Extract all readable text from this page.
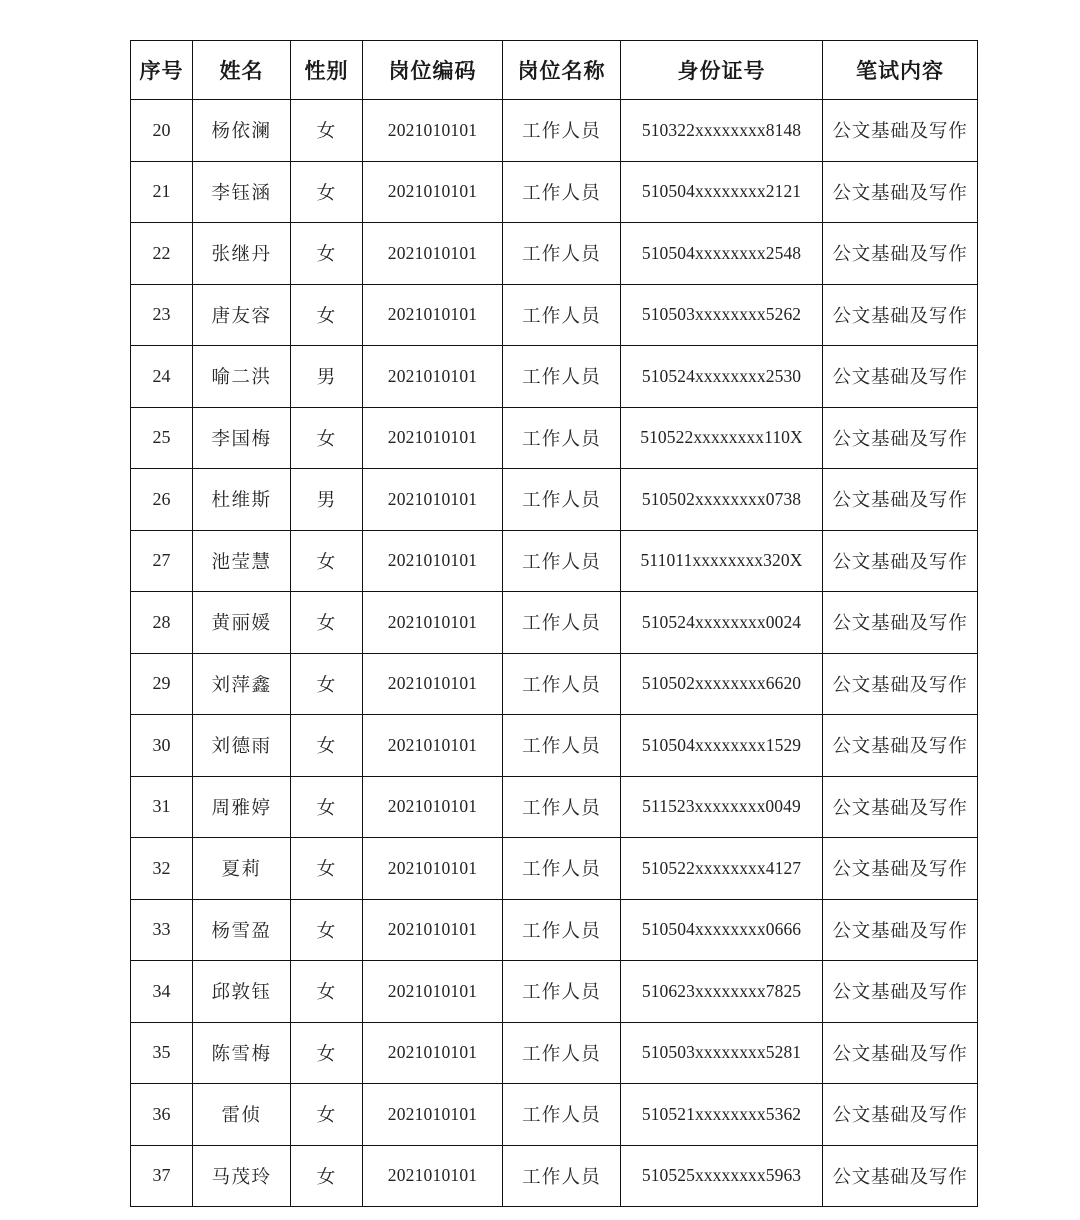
序号	姓名	性别	岗位编码	岗位名称	身份证号	笔试内容
20	杨依澜	女	2021010101	工作人员	510322xxxxxxxx8148	公文基础及写作
21	李钰涵	女	2021010101	工作人员	510504xxxxxxxx2121	公文基础及写作
22	张继丹	女	2021010101	工作人员	510504xxxxxxxx2548	公文基础及写作
23	唐友容	女	2021010101	工作人员	510503xxxxxxxx5262	公文基础及写作
24	喻二洪	男	2021010101	工作人员	510524xxxxxxxx2530	公文基础及写作
25	李国梅	女	2021010101	工作人员	510522xxxxxxxx110X	公文基础及写作
26	杜维斯	男	2021010101	工作人员	510502xxxxxxxx0738	公文基础及写作
27	池莹慧	女	2021010101	工作人员	511011xxxxxxxx320X	公文基础及写作
28	黄丽媛	女	2021010101	工作人员	510524xxxxxxxx0024	公文基础及写作
29	刘萍鑫	女	2021010101	工作人员	510502xxxxxxxx6620	公文基础及写作
30	刘德雨	女	2021010101	工作人员	510504xxxxxxxx1529	公文基础及写作
31	周雅婷	女	2021010101	工作人员	511523xxxxxxxx0049	公文基础及写作
32	夏莉	女	2021010101	工作人员	510522xxxxxxxx4127	公文基础及写作
33	杨雪盈	女	2021010101	工作人员	510504xxxxxxxx0666	公文基础及写作
34	邱敦钰	女	2021010101	工作人员	510623xxxxxxxx7825	公文基础及写作
35	陈雪梅	女	2021010101	工作人员	510503xxxxxxxx5281	公文基础及写作
36	雷侦	女	2021010101	工作人员	510521xxxxxxxx5362	公文基础及写作
37	马茂玲	女	2021010101	工作人员	510525xxxxxxxx5963	公文基础及写作
